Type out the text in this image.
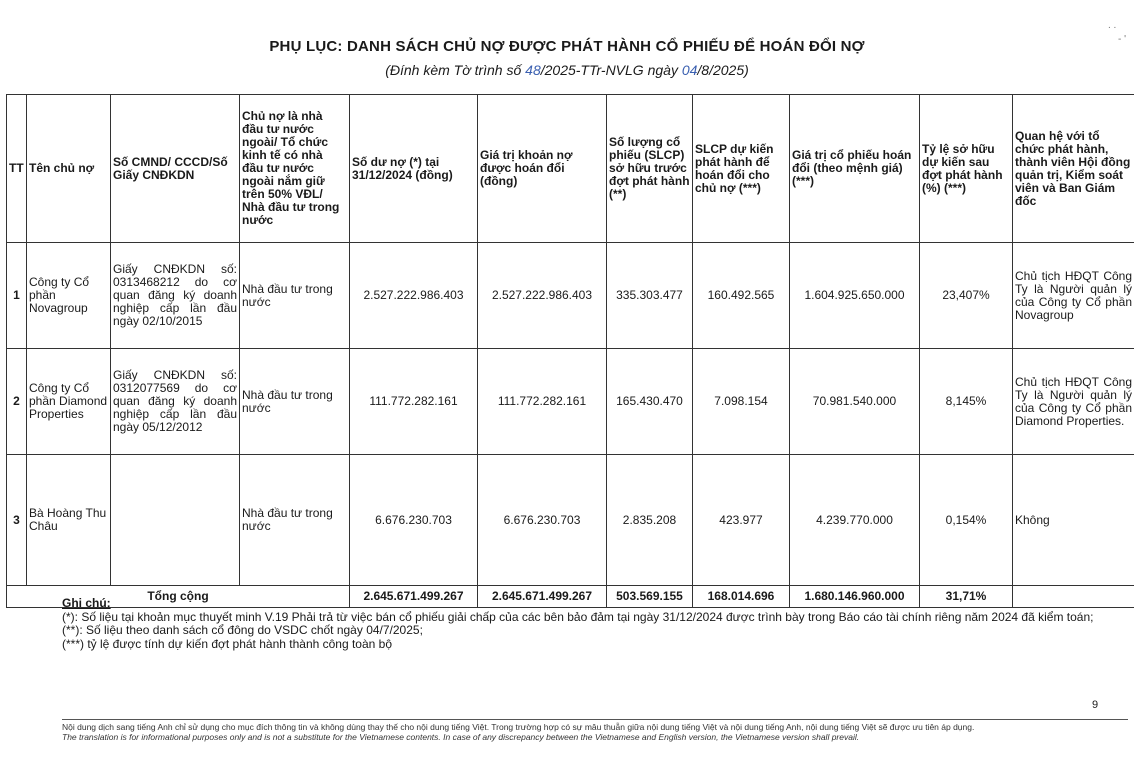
. .
- '
PHỤ LỤC: DANH SÁCH CHỦ NỢ ĐƯỢC PHÁT HÀNH CỔ PHIẾU ĐỂ HOÁN ĐỔI NỢ
(Đính kèm Tờ trình số 48/2025-TTr-NVLG ngày 04/8/2025)
TT	Tên chủ nợ	Số CMND/ CCCD/Số Giấy CNĐKDN	Chủ nợ là nhà đầu tư nước ngoài/ Tổ chức kinh tế có nhà đầu tư nước ngoài nắm giữ trên 50% VĐL/ Nhà đầu tư trong nước	Số dư nợ (*) tại 31/12/2024 (đồng)	Giá trị khoản nợ được hoán đổi (đồng)	Số lượng cổ phiếu (SLCP) sở hữu trước đợt phát hành (**)	SLCP dự kiến phát hành để hoán đổi cho chủ nợ (***)	Giá trị cổ phiếu hoán đổi (theo mệnh giá) (***)	Tỷ lệ sở hữu dự kiến sau đợt phát hành (%) (***)	Quan hệ với tổ chức phát hành, thành viên Hội đồng quản trị, Kiểm soát viên và Ban Giám đốc
1	Công ty Cổ phần Novagroup	Giấy CNĐKDN số: 0313468212 do cơ quan đăng ký doanh nghiệp cấp lần đầu ngày 02/10/2015	Nhà đầu tư trong nước	2.527.222.986.403	2.527.222.986.403	335.303.477	160.492.565	1.604.925.650.000	23,407%	Chủ tịch HĐQT Công Ty là Người quản lý của Công ty Cổ phần Novagroup
2	Công ty Cổ phần Diamond Properties	Giấy CNĐKDN số: 0312077569 do cơ quan đăng ký doanh nghiệp cấp lần đầu ngày 05/12/2012	Nhà đầu tư trong nước	111.772.282.161	111.772.282.161	165.430.470	7.098.154	70.981.540.000	8,145%	Chủ tịch HĐQT Công Ty là Người quản lý của Công ty Cổ phần Diamond Properties.
3	Bà Hoàng Thu Châu		Nhà đầu tư trong nước	6.676.230.703	6.676.230.703	2.835.208	423.977	4.239.770.000	0,154%	Không
Tổng cộng				2.645.671.499.267	2.645.671.499.267	503.569.155	168.014.696	1.680.146.960.000	31,71%	
Ghi chú:
(*): Số liệu tại khoản mục thuyết minh V.19 Phải trả từ việc bán cổ phiếu giải chấp của các bên bảo đảm tại ngày 31/12/2024 được trình bày trong Báo cáo tài chính riêng năm 2024 đã kiểm toán;
(**): Số liệu theo danh sách cổ đông do VSDC chốt ngày 04/7/2025;
(***) tỷ lệ được tính dự kiến đợt phát hành thành công toàn bộ
9
Nội dung dịch sang tiếng Anh chỉ sử dụng cho mục đích thông tin và không dùng thay thế cho nội dung tiếng Việt. Trong trường hợp có sự mâu thuẫn giữa nội dung tiếng Việt và nội dung tiếng Anh, nội dung tiếng Việt sẽ được ưu tiên áp dụng.
The translation is for informational purposes only and is not a substitute for the Vietnamese contents. In case of any discrepancy between the Vietnamese and English version, the Vietnamese version shall prevail.
